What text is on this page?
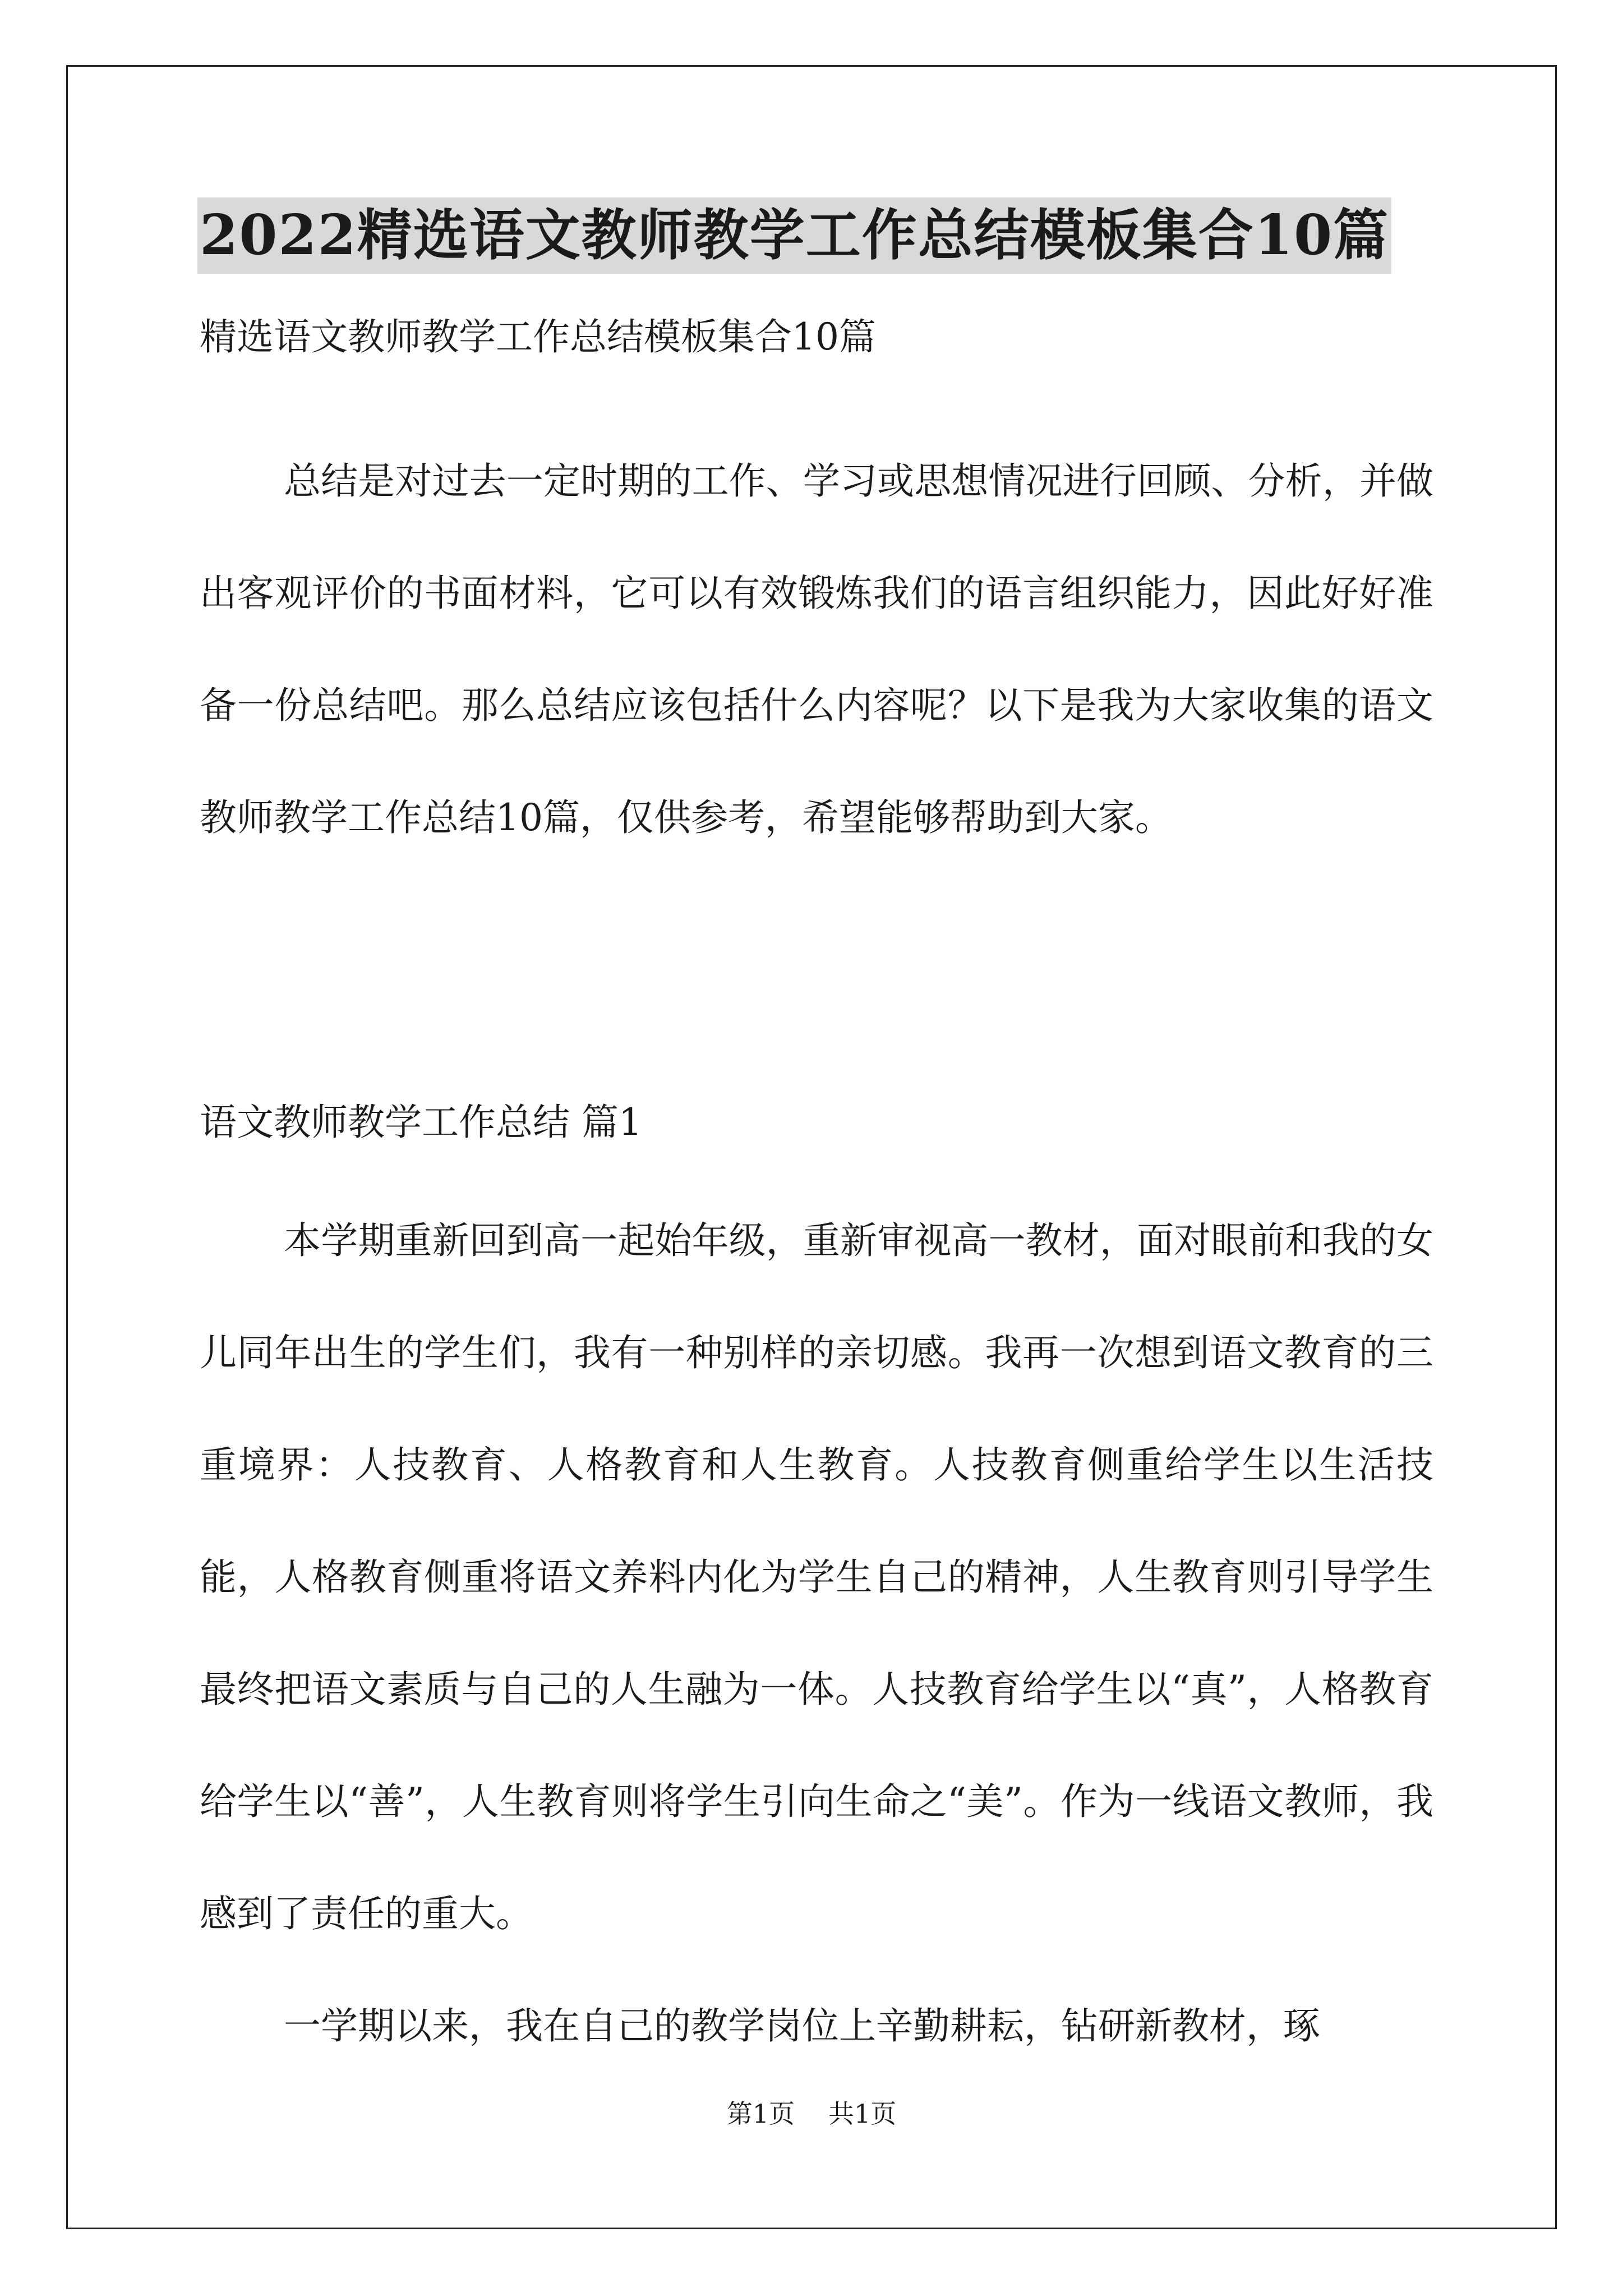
2022精选语文教师教学工作总结模板集合10篇
精选语文教师教学工作总结模板集合10篇

总结是对过去一定时期的工作、学习或思想情况进行回顾、分析，并做出客观评价的书面材料，它可以有效锻炼我们的语言组织能力，因此好好准备一份总结吧。那么总结应该包括什么内容呢？以下是我为大家收集的语文教师教学工作总结10篇，仅供参考，希望能够帮助到大家。

语文教师教学工作总结 篇1

本学期重新回到高一起始年级，重新审视高一教材，面对眼前和我的女儿同年出生的学生们，我有一种别样的亲切感。我再一次想到语文教育的三重境界：人技教育、人格教育和人生教育。人技教育侧重给学生以生活技能，人格教育侧重将语文养料内化为学生自己的精神，人生教育则引导学生最终把语文素质与自己的人生融为一体。人技教育给学生以“真”，人格教育给学生以“善”，人生教育则将学生引向生命之“美”。作为一线语文教师，我感到了责任的重大。

一学期以来，我在自己的教学岗位上辛勤耕耘，钻研新教材，琢

第1页 共1页
